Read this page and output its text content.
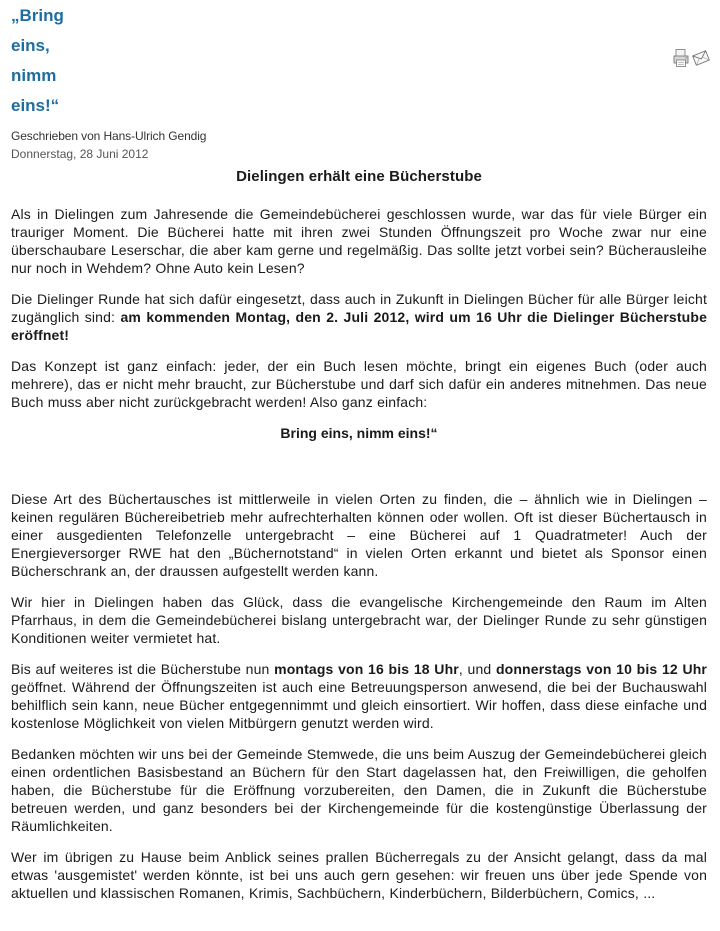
„Bring
eins,
nimm
eins!“
Geschrieben von Hans-Ulrich Gendig
Donnerstag, 28 Juni 2012
Dielingen erhält eine Bücherstube

Als in Dielingen zum Jahresende die Gemeindebücherei geschlossen wurde, war das für viele Bürger ein trauriger Moment. Die Bücherei hatte mit ihren zwei Stunden Öffnungszeit pro Woche zwar nur eine überschaubare Leserschar, die aber kam gerne und regelmäßig. Das sollte jetzt vorbei sein? Bücherausleihe nur noch in Wehdem? Ohne Auto kein Lesen?

Die Dielinger Runde hat sich dafür eingesetzt, dass auch in Zukunft in Dielingen Bücher für alle Bürger leicht zugänglich sind: am kommenden Montag, den 2. Juli 2012, wird um 16 Uhr die Dielinger Bücherstube eröffnet!

Das Konzept ist ganz einfach: jeder, der ein Buch lesen möchte, bringt ein eigenes Buch (oder auch mehrere), das er nicht mehr braucht, zur Bücherstube und darf sich dafür ein anderes mitnehmen. Das neue Buch muss aber nicht zurückgebracht werden! Also ganz einfach:

Bring eins, nimm eins!“

Diese Art des Büchertausches ist mittlerweile in vielen Orten zu finden, die – ähnlich wie in Dielingen – keinen regulären Büchereibetrieb mehr aufrechterhalten können oder wollen. Oft ist dieser Büchertausch in einer ausgedienten Telefonzelle untergebracht – eine Bücherei auf 1 Quadratmeter! Auch der Energieversorger RWE hat den „Büchernotstand“ in vielen Orten erkannt und bietet als Sponsor einen Bücherschrank an, der draussen aufgestellt werden kann.

Wir hier in Dielingen haben das Glück, dass die evangelische Kirchengemeinde den Raum im Alten Pfarrhaus, in dem die Gemeindebücherei bislang untergebracht war, der Dielinger Runde zu sehr günstigen Konditionen weiter vermietet hat.

Bis auf weiteres ist die Bücherstube nun montags von 16 bis 18 Uhr, und donnerstags von 10 bis 12 Uhr geöffnet. Während der Öffnungszeiten ist auch eine Betreuungsperson anwesend, die bei der Buchauswahl behilflich sein kann, neue Bücher entgegennimmt und gleich einsortiert. Wir hoffen, dass diese einfache und kostenlose Möglichkeit von vielen Mitbürgern genutzt werden wird.

Bedanken möchten wir uns bei der Gemeinde Stemwede, die uns beim Auszug der Gemeindebücherei gleich einen ordentlichen Basisbestand an Büchern für den Start dagelassen hat, den Freiwilligen, die geholfen haben, die Bücherstube für die Eröffnung vorzubereiten, den Damen, die in Zukunft die Bücherstube betreuen werden, und ganz besonders bei der Kirchengemeinde für die kostengünstige Überlassung der Räumlichkeiten.

Wer im übrigen zu Hause beim Anblick seines prallen Bücherregals zu der Ansicht gelangt, dass da mal etwas 'ausgemistet' werden könnte, ist bei uns auch gern gesehen: wir freuen uns über jede Spende von aktuellen und klassischen Romanen, Krimis, Sachbüchern, Kinderbüchern, Bilderbüchern, Comics, ...
